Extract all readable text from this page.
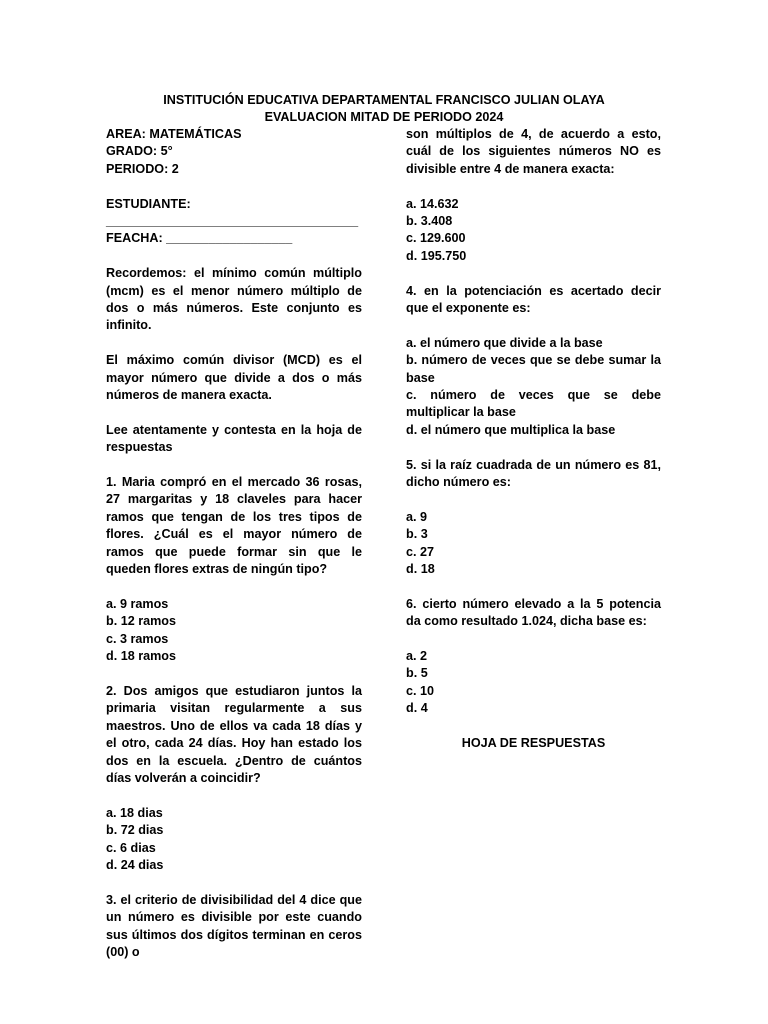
INSTITUCIÓN EDUCATIVA DEPARTAMENTAL FRANCISCO JULIAN OLAYA
EVALUACION MITAD DE PERIODO 2024

AREA: MATEMÁTICAS

GRADO: 5°

PERIODO: 2

ESTUDIANTE:

____________________________________

FEACHA: __________________

Recordemos: el mínimo común múltiplo (mcm) es el menor número múltiplo de dos o más números. Este conjunto es infinito.

El máximo común divisor (MCD) es el mayor número que divide a dos o más números de manera exacta.

Lee atentamente y contesta en la hoja de respuestas

1. Maria compró en el mercado 36 rosas, 27 margaritas y 18 claveles para hacer ramos que tengan de los tres tipos de flores. ¿Cuál es el mayor número de ramos que puede formar sin que le queden flores extras de ningún tipo?

a. 9 ramos

b. 12 ramos

c. 3 ramos

d. 18 ramos

2. Dos amigos que estudiaron juntos la primaria visitan regularmente a sus maestros. Uno de ellos va cada 18 días y el otro, cada 24 días. Hoy han estado los dos en la escuela. ¿Dentro de cuántos días volverán a coincidir?

a. 18 dias

b. 72 dias

c. 6 dias

d. 24 dias

3. el criterio de divisibilidad del 4 dice que un número es divisible por este cuando sus últimos dos dígitos terminan en ceros (00) o

son múltiplos de 4, de acuerdo a esto, cuál de los siguientes números NO es divisible entre 4 de manera exacta:

a. 14.632

b. 3.408

c. 129.600

d. 195.750

4. en la potenciación es acertado decir que el exponente es:

a. el número que divide a la base

b. número de veces que se debe sumar la base

c. número de veces que se debe multiplicar la base

d. el número que multiplica la base

5. si la raíz cuadrada de un número es 81, dicho número es:

a. 9

b. 3

c. 27

d. 18

6. cierto número elevado a la 5 potencia da como resultado 1.024, dicha base es:

a. 2

b. 5

c. 10

d. 4

HOJA DE RESPUESTAS
